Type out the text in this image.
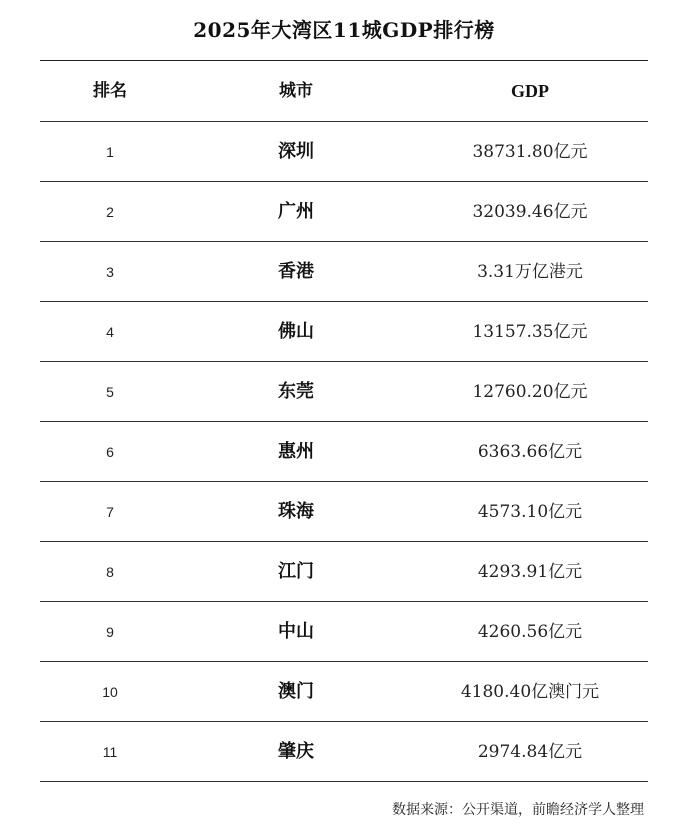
2025年大湾区11城GDP排行榜
排名	城市	GDP
1	深圳	38731.80亿元
2	广州	32039.46亿元
3	香港	3.31万亿港元
4	佛山	13157.35亿元
5	东莞	12760.20亿元
6	惠州	6363.66亿元
7	珠海	4573.10亿元
8	江门	4293.91亿元
9	中山	4260.56亿元
10	澳门	4180.40亿澳门元
11	肇庆	2974.84亿元
数据来源：公开渠道，前瞻经济学人整理
